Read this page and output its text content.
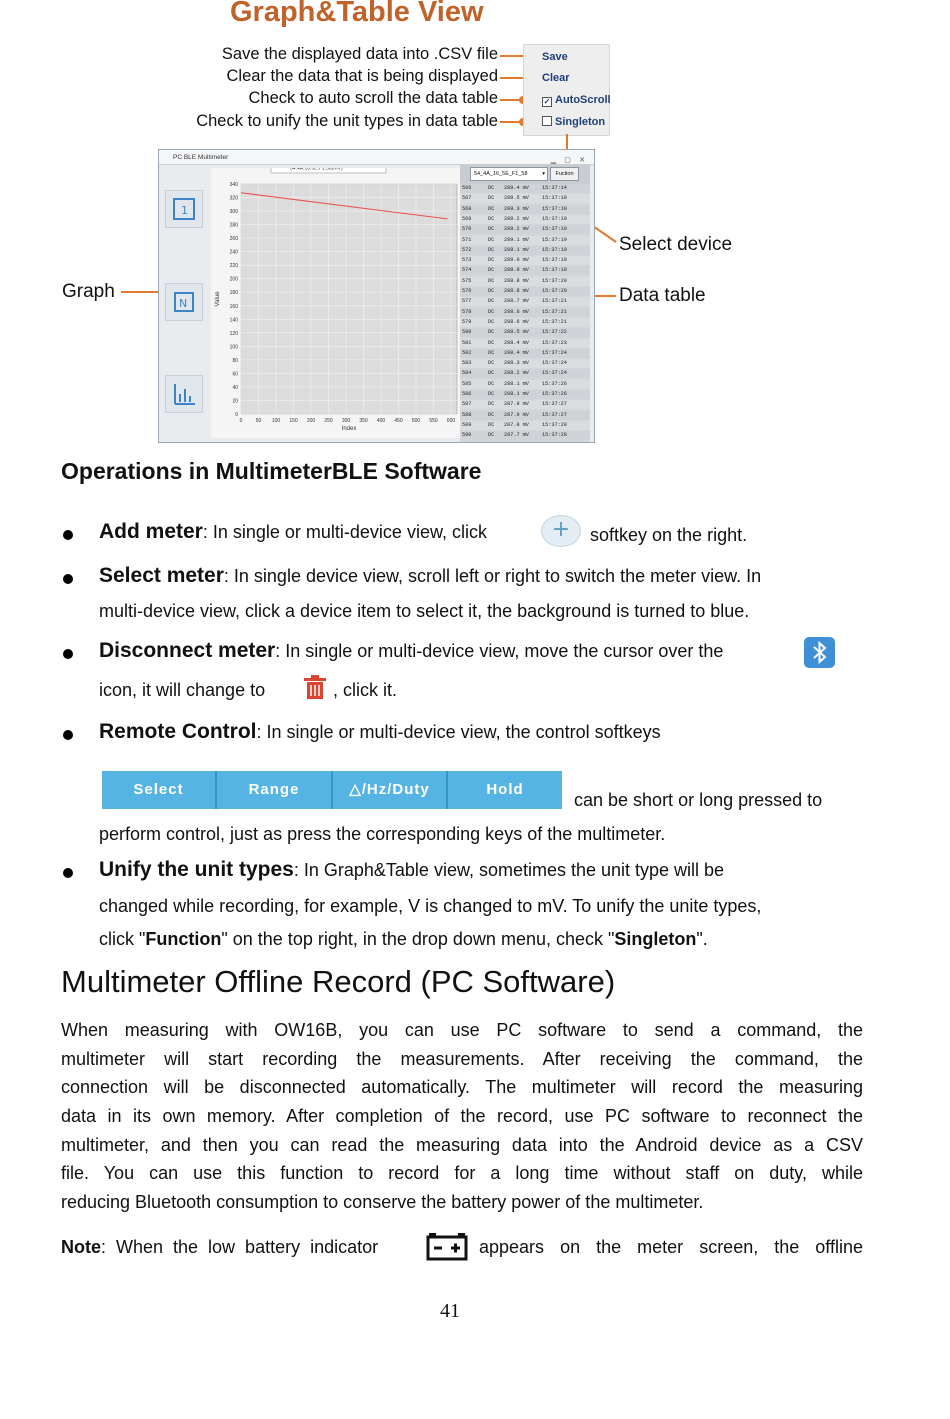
Graph&Table View
Save the displayed data into .CSV file
Clear the data that is being displayed
Check to auto scroll the data table
Check to unify the unit types in data table
Save
Clear
✓ AutoScroll
Singleton
Select device
Data table
Graph
PC BLE Multimeter	▁ ▢ ✕
1
N
340
320
300
280
260
240
220
200
180
160
140
120
100
80
60
40
20
0
0	50 100 150 200 250 300 350 400 450 500 550 600
Index
Value
54:4A:16:5E:F1:58(mV)
54_4A_16_5E_F1_58	▾	Fuction
566	DC 289.4 mV	15:37:14
567	DC 289.5 mV	15:37:19
568	DC 289.3 mV	15:37:19
569	DC 289.2 mV	15:37:19
570	DC 289.2 mV	15:37:19
571	DC 289.1 mV	15:37:19
572	DC 289.1 mV	15:37:19
573	DC 289.0 mV	15:37:19
574	DC 288.9 mV	15:37:19
575	DC 288.8 mV	15:37:20
576	DC 288.8 mV	15:37:20
577	DC 288.7 mV	15:37:21
578	DC 288.6 mV	15:37:21
579	DC 288.6 mV	15:37:21
580	DC 288.5 mV	15:37:22
581	DC 288.4 mV	15:37:23
582	DC 288.4 mV	15:37:24
583	DC 288.3 mV	15:37:24
584	DC 288.2 mV	15:37:24
585	DC 288.1 mV	15:37:26
586	DC 288.1 mV	15:37:26
587	DC 287.9 mV	15:37:27
588	DC 287.9 mV	15:37:27
589	DC 287.8 mV	15:37:28
590	DC 287.7 mV	15:37:28
Operations in MultimeterBLE Software
Add meter: In single or multi-device view, click	+	softkey on the right.
Select meter: In single device view, scroll left or right to switch the meter view. In
multi-device view, click a device item to select it, the background is turned to blue.
Disconnect meter: In single or multi-device view, move the cursor over the
icon, it will change to	, click it.
Remote Control: In single or multi-device view, the control softkeys
Select	Range	△/Hz/Duty	Hold
can be short or long pressed to
perform control, just as press the corresponding keys of the multimeter.
Unify the unit types: In Graph&Table view, sometimes the unit type will be
changed while recording, for example, V is changed to mV. To unify the unite types,
click "Function" on the top right, in the drop down menu, check "Singleton".
Multimeter Offline Record (PC Software)
When measuring with OW16B, you can use PC software to send a command, the
multimeter will start recording the measurements. After receiving the command, the
connection will be disconnected automatically. The multimeter will record the measuring
data in its own memory. After completion of the record, use PC software to reconnect the
multimeter, and then you can read the measuring data into the Android device as a CSV
file. You can use this function to record for a long time without staff on duty, while
reducing Bluetooth consumption to conserve the battery power of the multimeter.
Note: When the low battery indicator	appears on the meter screen, the offline
41
